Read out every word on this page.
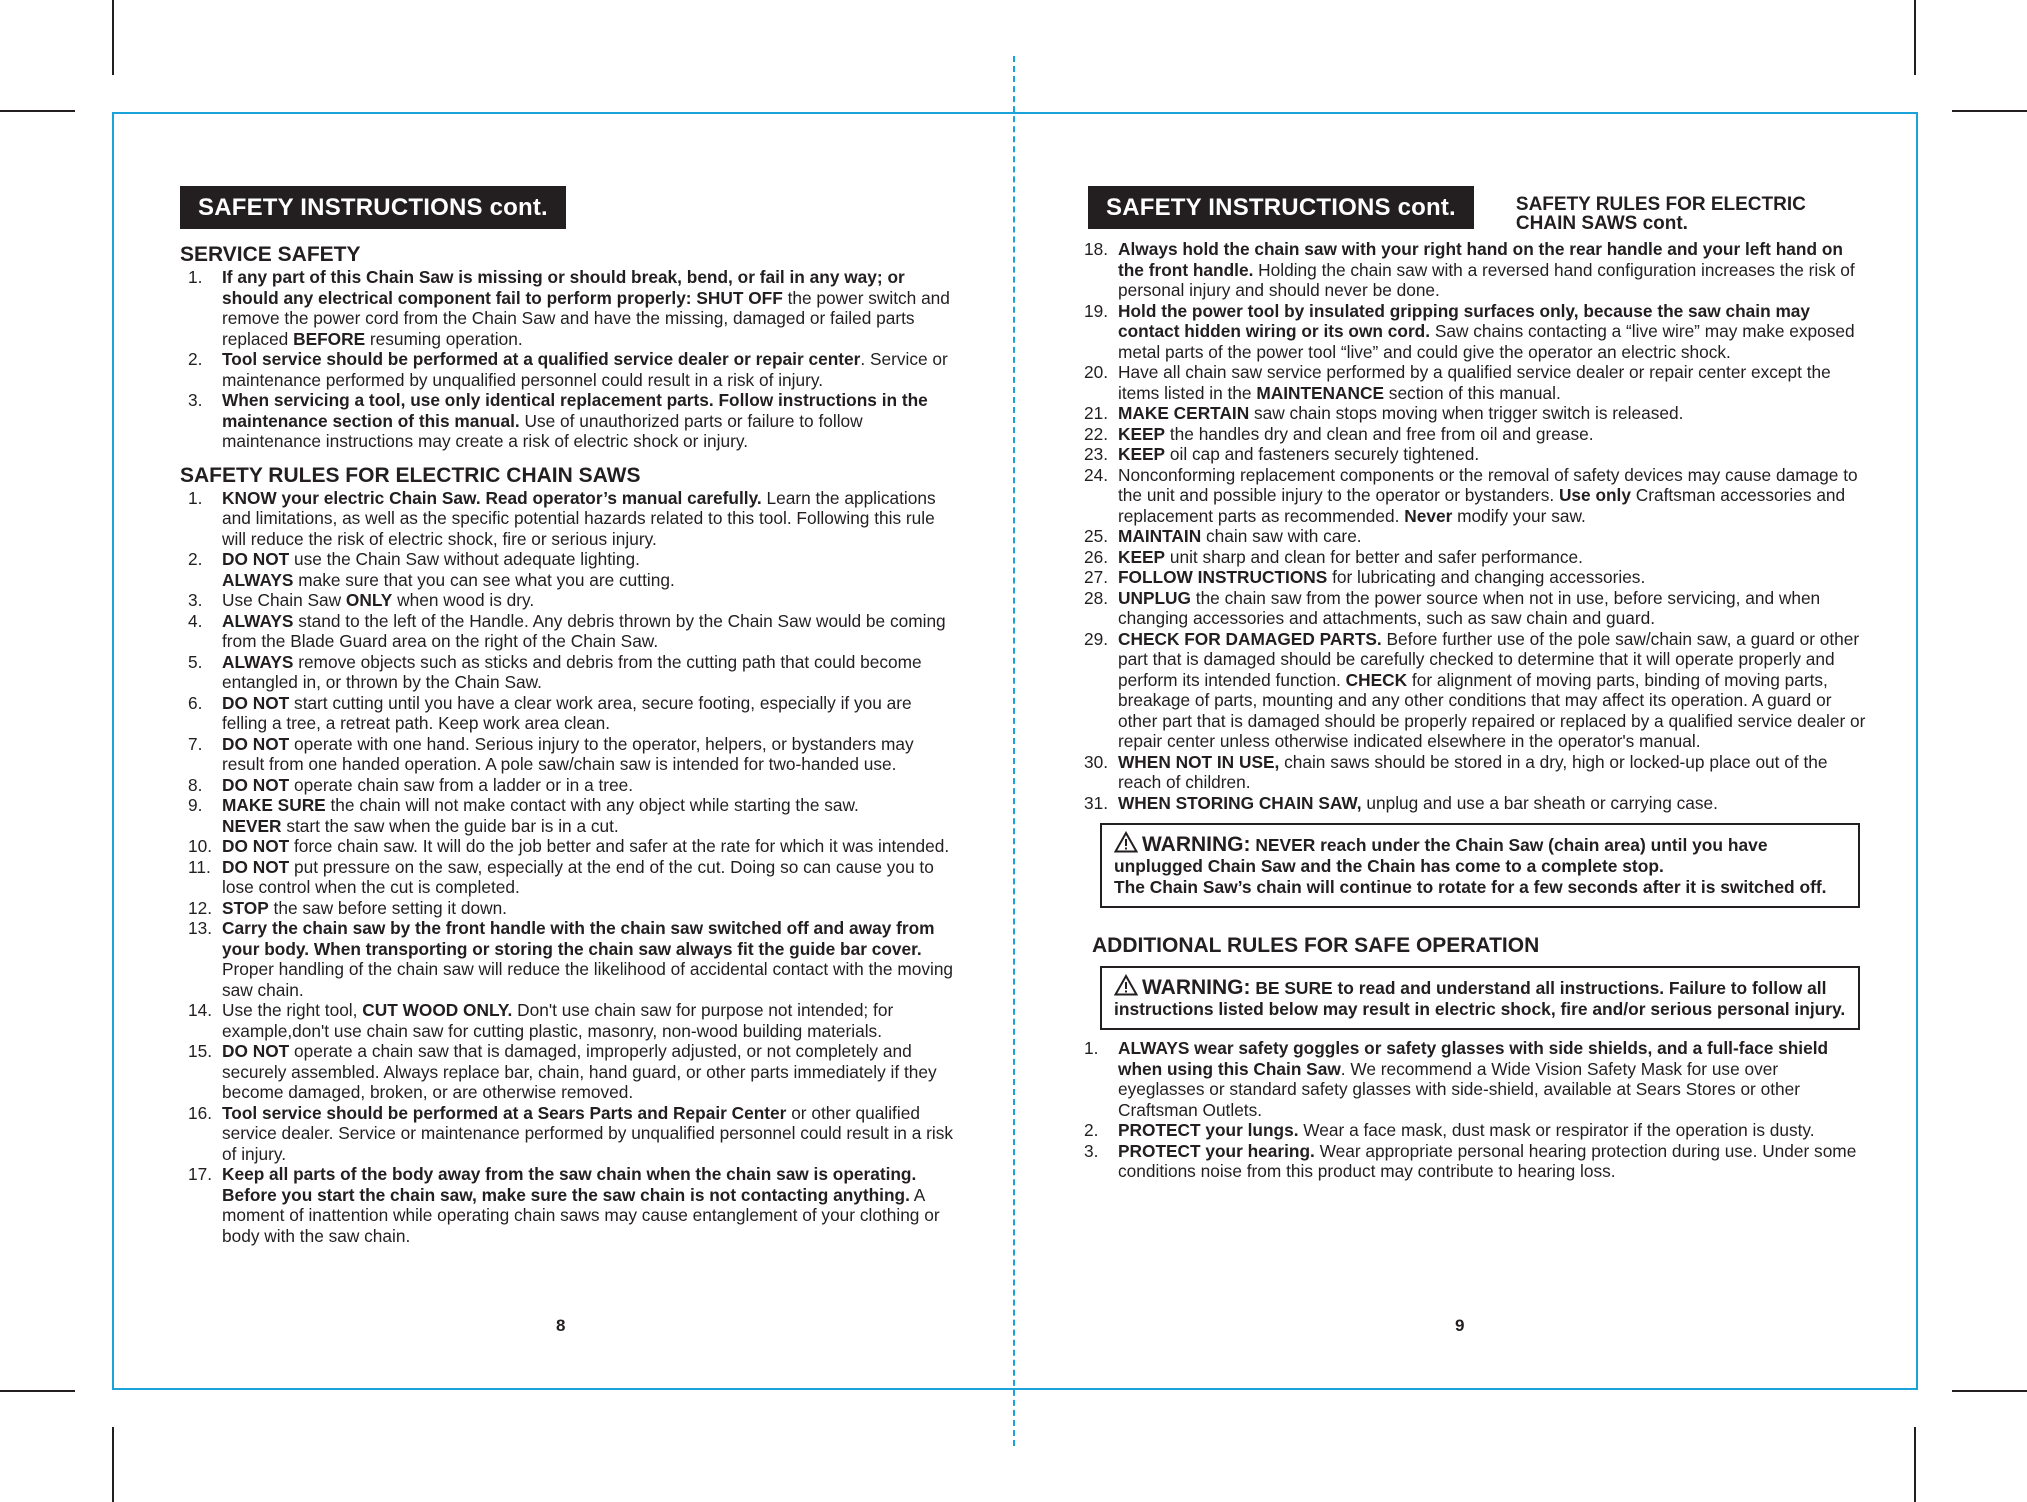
SAFETY INSTRUCTIONS cont.
SERVICE SAFETY
1. If any part of this Chain Saw is missing or should break, bend, or fail in any way; or should any electrical component fail to perform properly: SHUT OFF the power switch and remove the power cord from the Chain Saw and have the missing, damaged or failed parts replaced BEFORE resuming operation.
2. Tool service should be performed at a qualified service dealer or repair center. Service or maintenance performed by unqualified personnel could result in a risk of injury.
3. When servicing a tool, use only identical replacement parts. Follow instructions in the maintenance section of this manual. Use of unauthorized parts or failure to follow maintenance instructions may create a risk of electric shock or injury.
SAFETY RULES FOR ELECTRIC CHAIN SAWS
1. KNOW your electric Chain Saw. Read operator’s manual carefully. Learn the applications and limitations, as well as the specific potential hazards related to this tool. Following this rule will reduce the risk of electric shock, fire or serious injury.
2. DO NOT use the Chain Saw without adequate lighting.
ALWAYS make sure that you can see what you are cutting.
3. Use Chain Saw ONLY when wood is dry.
4. ALWAYS stand to the left of the Handle. Any debris thrown by the Chain Saw would be coming from the Blade Guard area on the right of the Chain Saw.
5. ALWAYS remove objects such as sticks and debris from the cutting path that could become entangled in, or thrown by the Chain Saw.
6. DO NOT start cutting until you have a clear work area, secure footing, especially if you are felling a tree, a retreat path. Keep work area clean.
7. DO NOT operate with one hand. Serious injury to the operator, helpers, or bystanders may result from one handed operation. A pole saw/chain saw is intended for two-handed use.
8. DO NOT operate chain saw from a ladder or in a tree.
9. MAKE SURE the chain will not make contact with any object while starting the saw.
NEVER start the saw when the guide bar is in a cut.
10. DO NOT force chain saw. It will do the job better and safer at the rate for which it was intended.
11. DO NOT put pressure on the saw, especially at the end of the cut. Doing so can cause you to lose control when the cut is completed.
12. STOP the saw before setting it down.
13. Carry the chain saw by the front handle with the chain saw switched off and away from your body. When transporting or storing the chain saw always fit the guide bar cover. Proper handling of the chain saw will reduce the likelihood of accidental contact with the moving saw chain.
14. Use the right tool, CUT WOOD ONLY. Don't use chain saw for purpose not intended; for example,don't use chain saw for cutting plastic, masonry, non-wood building materials.
15. DO NOT operate a chain saw that is damaged, improperly adjusted, or not completely and securely assembled. Always replace bar, chain, hand guard, or other parts immediately if they become damaged, broken, or are otherwise removed.
16. Tool service should be performed at a Sears Parts and Repair Center or other qualified service dealer. Service or maintenance performed by unqualified personnel could result in a risk of injury.
17. Keep all parts of the body away from the saw chain when the chain saw is operating. Before you start the chain saw, make sure the saw chain is not contacting anything. A moment of inattention while operating chain saws may cause entanglement of your clothing or body with the saw chain.
8
SAFETY INSTRUCTIONS cont.	SAFETY RULES FOR ELECTRIC
CHAIN SAWS cont.
18. Always hold the chain saw with your right hand on the rear handle and your left hand on the front handle. Holding the chain saw with a reversed hand configuration increases the risk of personal injury and should never be done.
19. Hold the power tool by insulated gripping surfaces only, because the saw chain may contact hidden wiring or its own cord. Saw chains contacting a “live wire” may make exposed metal parts of the power tool “live” and could give the operator an electric shock.
20. Have all chain saw service performed by a qualified service dealer or repair center except the items listed in the MAINTENANCE section of this manual.
21. MAKE CERTAIN saw chain stops moving when trigger switch is released.
22. KEEP the handles dry and clean and free from oil and grease.
23. KEEP oil cap and fasteners securely tightened.
24. Nonconforming replacement components or the removal of safety devices may cause damage to the unit and possible injury to the operator or bystanders. Use only Craftsman accessories and replacement parts as recommended. Never modify your saw.
25. MAINTAIN chain saw with care.
26. KEEP unit sharp and clean for better and safer performance.
27. FOLLOW INSTRUCTIONS for lubricating and changing accessories.
28. UNPLUG the chain saw from the power source when not in use, before servicing, and when changing accessories and attachments, such as saw chain and guard.
29. CHECK FOR DAMAGED PARTS. Before further use of the pole saw/chain saw, a guard or other part that is damaged should be carefully checked to determine that it will operate properly and perform its intended function. CHECK for alignment of moving parts, binding of moving parts, breakage of parts, mounting and any other conditions that may affect its operation. A guard or other part that is damaged should be properly repaired or replaced by a qualified service dealer or repair center unless otherwise indicated elsewhere in the operator's manual.
30. WHEN NOT IN USE, chain saws should be stored in a dry, high or locked-up place out of the reach of children.
31. WHEN STORING CHAIN SAW, unplug and use a bar sheath or carrying case.
WARNING: NEVER reach under the Chain Saw (chain area) until you have unplugged Chain Saw and the Chain has come to a complete stop.
The Chain Saw’s chain will continue to rotate for a few seconds after it is switched off.
ADDITIONAL RULES FOR SAFE OPERATION
WARNING: BE SURE to read and understand all instructions. Failure to follow all instructions listed below may result in electric shock, fire and/or serious personal injury.
1. ALWAYS wear safety goggles or safety glasses with side shields, and a full-face shield when using this Chain Saw. We recommend a Wide Vision Safety Mask for use over eyeglasses or standard safety glasses with side-shield, available at Sears Stores or other Craftsman Outlets.
2. PROTECT your lungs. Wear a face mask, dust mask or respirator if the operation is dusty.
3. PROTECT your hearing. Wear appropriate personal hearing protection during use. Under some conditions noise from this product may contribute to hearing loss.
9
